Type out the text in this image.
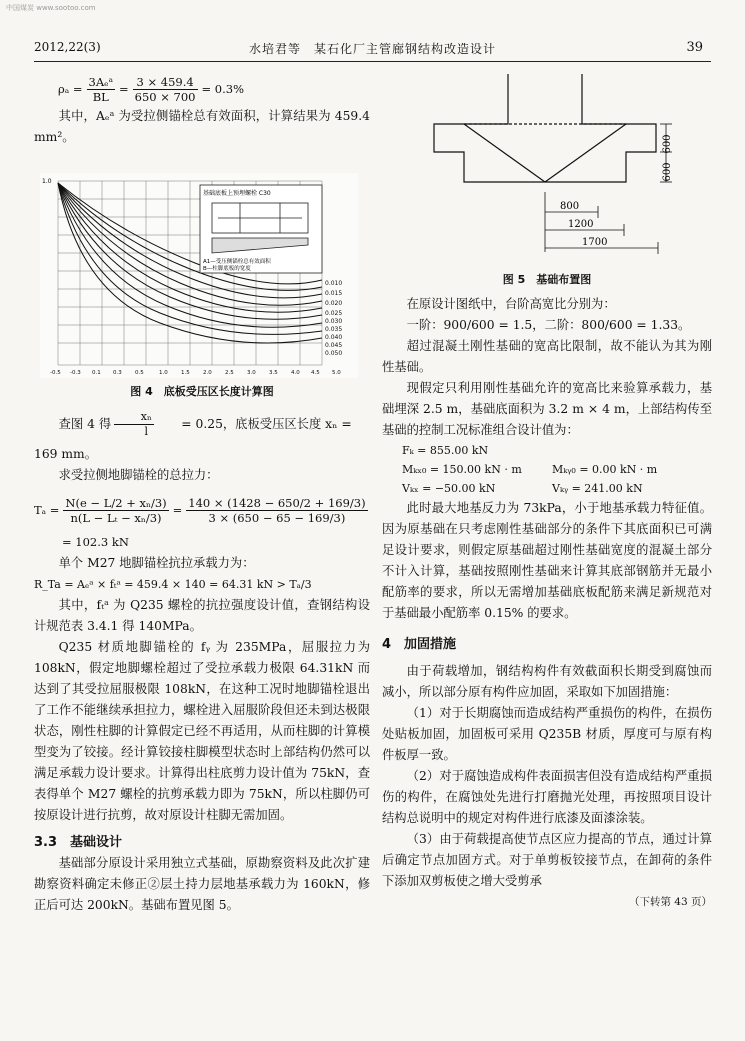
中国煤炭 www.sootoo.com
2012,22(3)	水培君等　某石化厂主管廊钢结构改造设计	39
$\rho_a = \frac{\text{3Aₑᵃ}}{BL} = \frac{3 \times 459.4}{650 \times 700} = 0.3\%$

其中，Aₑᵃ 为受拉侧锚栓总有效面积，计算结果为 459.4 mm²。

基础底板上预埋螺栓 C30
A1—受压侧锚栓总有效面积
B—柱脚底板的宽度
1.0
0.010
0.015
0.020
0.025
0.030
0.035
0.040
0.045
0.050
-0.5 -0.3 0.1 0.3 0.5	1.0 1.5 2.0 2.5 3.0 3.5 4.0 4.5 5.0
图 4　底板受压区长度计算图

查图 4 得 $\frac{\text{xₙ}}{l}$	= 0.25，底板受压区长度 xₙ =

169 mm。

求受拉侧地脚锚栓的总拉力：

$T_a = \frac{\text{N(e − L/2 + xₙ/3)}}{\text{n(L − Lₜ − xₙ/3)}} = \frac{140 \times (1428 - 650/2 + 169/3)}{3 \times (650 - 65 - 169/3)}$

= 102.3 kN

单个 M27 地脚锚栓抗拉承载力为：

R_Ta = Aₑᵃ × fₜᵃ = 459.4 × 140 = 64.31 kN > Tₐ/3

其中，fₜᵃ 为 Q235 螺栓的抗拉强度设计值，查钢结构设计规范表 3.4.1 得 140MPa。

Q235 材质地脚锚栓的 fᵧ 为 235MPa，屈服拉力为 108kN，假定地脚螺栓超过了受拉承载力极限 64.31kN 而达到了其受拉屈服极限 108kN，在这种工况时地脚锚栓退出了工作不能继续承担拉力，螺栓进入屈服阶段但还未到达极限状态，刚性柱脚的计算假定已经不再适用，从而柱脚的计算模型变为了铰接。经计算铰接柱脚模型状态时上部结构仍然可以满足承载力设计要求。计算得出柱底剪力设计值为 75kN，查表得单个 M27 螺栓的抗剪承载力即为 75kN，所以柱脚仍可按原设计进行抗剪，故对原设计柱脚无需加固。

3.3　基础设计

基础部分原设计采用独立式基础，原勘察资料及此次扩建勘察资料确定未修正②层土持力层地基承载力为 160kN，修正后可达 200kN。基础布置见图 5。

600
600
800
1200
1700
图 5　基础布置图

在原设计图纸中，台阶高宽比分别为：

一阶：900/600 = 1.5，二阶：800/600 = 1.33。

超过混凝土刚性基础的宽高比限制，故不能认为其为刚性基础。

现假定只利用刚性基础允许的宽高比来验算承载力，基础埋深 2.5 m，基础底面积为 3.2 m × 4 m，上部结构传至基础的控制工况标准组合设计值为：

Fₖ = 855.00 kN
Mₖₓ₀ = 150.00 kN · m	Mₖᵧ₀ = 0.00 kN · m
Vₖₓ = −50.00 kN	Vₖᵧ = 241.00 kN

此时最大地基反力为 73kPa，小于地基承载力特征值。因为原基础在只考虑刚性基础部分的条件下其底面积已可满足设计要求，则假定原基础超过刚性基础宽度的混凝土部分不计入计算，基础按照刚性基础来计算其底部钢筋并无最小配筋率的要求，所以无需增加基础底板配筋来满足新规范对于基础最小配筋率 0.15% 的要求。

4　加固措施

由于荷载增加，钢结构构件有效截面积长期受到腐蚀而减小，所以部分原有构件应加固，采取如下加固措施：

（1）对于长期腐蚀而造成结构严重损伤的构件，在损伤处贴板加固，加固板可采用 Q235B 材质，厚度可与原有构件板厚一致。

（2）对于腐蚀造成构件表面损害但没有造成结构严重损伤的构件，在腐蚀处先进行打磨抛光处理，再按照项目设计结构总说明中的规定对构件进行底漆及面漆涂装。

（3）由于荷载提高使节点区应力提高的节点，通过计算后确定节点加固方式。对于单剪板铰接节点，在卸荷的条件下添加双剪板使之增大受剪承

（下转第 43 页）
